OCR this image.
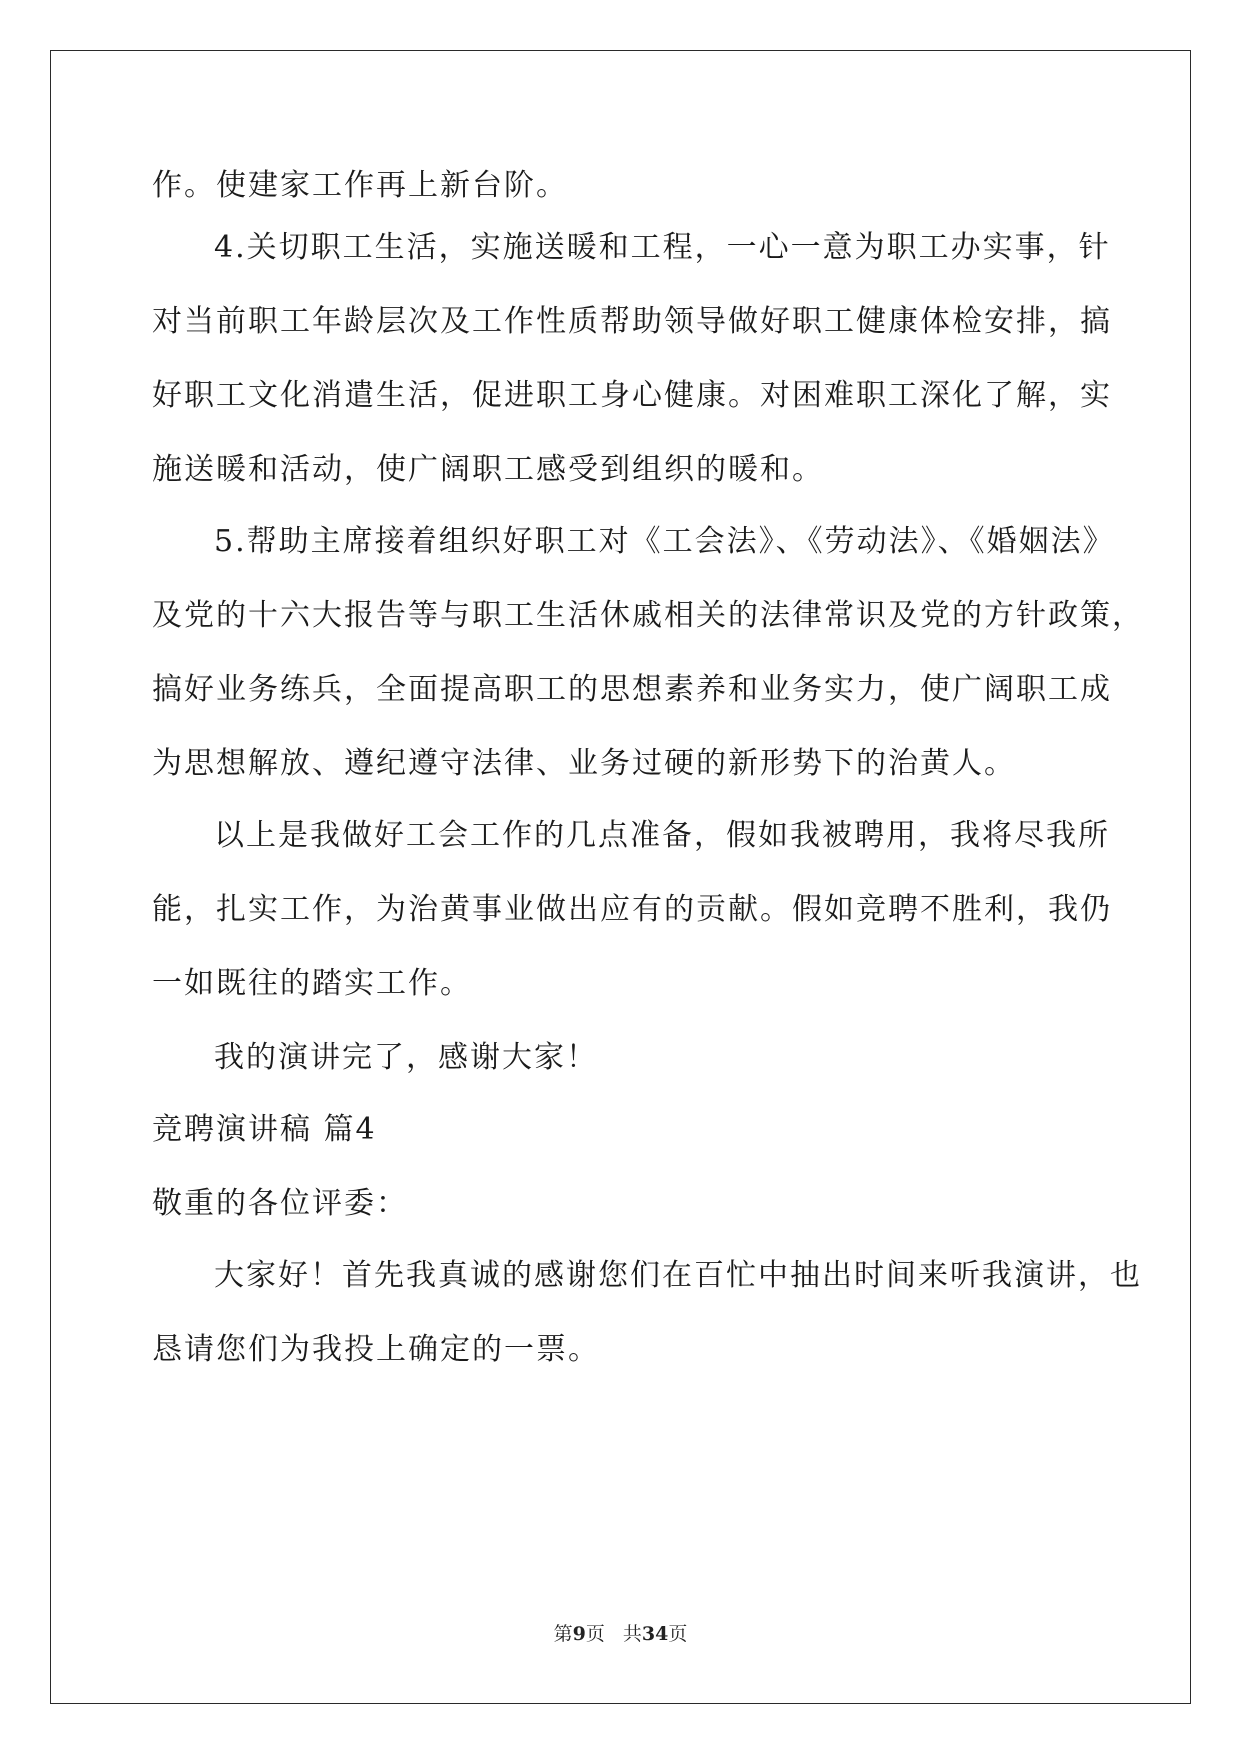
作。使建家工作再上新台阶。
4.关切职工生活，实施送暖和工程，一心一意为职工办实事，针
对当前职工年龄层次及工作性质帮助领导做好职工健康体检安排，搞
好职工文化消遣生活，促进职工身心健康。对困难职工深化了解，实
施送暖和活动，使广阔职工感受到组织的暖和。
5.帮助主席接着组织好职工对《工会法》、《劳动法》、《婚姻法》
及党的十六大报告等与职工生活休戚相关的法律常识及党的方针政策，
搞好业务练兵，全面提高职工的思想素养和业务实力，使广阔职工成
为思想解放、遵纪遵守法律、业务过硬的新形势下的治黄人。
以上是我做好工会工作的几点准备，假如我被聘用，我将尽我所
能，扎实工作，为治黄事业做出应有的贡献。假如竞聘不胜利，我仍
一如既往的踏实工作。
我的演讲完了，感谢大家！
竞聘演讲稿 篇4
敬重的各位评委：
大家好！首先我真诚的感谢您们在百忙中抽出时间来听我演讲，也
恳请您们为我投上确定的一票。
第9页 共34页
